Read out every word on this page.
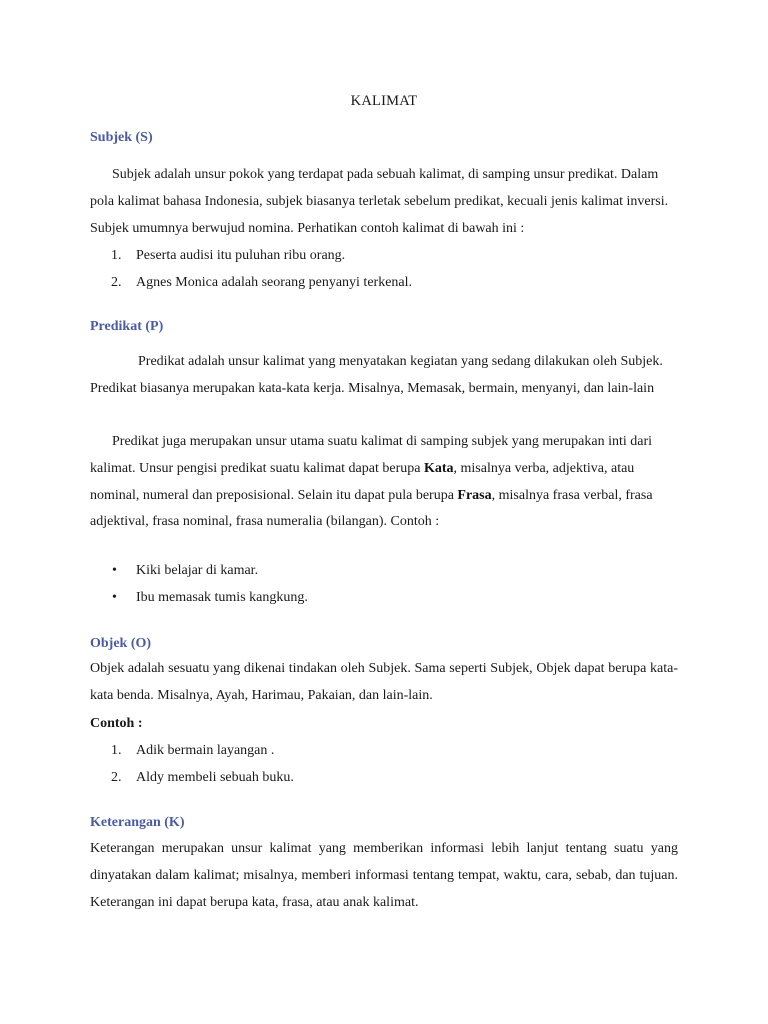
KALIMAT
Subjek (S)

Subjek adalah unsur pokok yang terdapat pada sebuah kalimat, di samping unsur predikat. Dalam pola kalimat bahasa Indonesia, subjek biasanya terletak sebelum predikat, kecuali jenis kalimat inversi. Subjek umumnya berwujud nomina. Perhatikan contoh kalimat di bawah ini :

1. Peserta audisi itu puluhan ribu orang.
2. Agnes Monica adalah seorang penyanyi terkenal.
Predikat (P)

Predikat adalah unsur kalimat yang menyatakan kegiatan yang sedang dilakukan oleh Subjek. Predikat biasanya merupakan kata-kata kerja. Misalnya, Memasak, bermain, menyanyi, dan lain-lain

Predikat juga merupakan unsur utama suatu kalimat di samping subjek yang merupakan inti dari kalimat. Unsur pengisi predikat suatu kalimat dapat berupa Kata, misalnya verba, adjektiva, atau nominal, numeral dan preposisional. Selain itu dapat pula berupa Frasa, misalnya frasa verbal, frasa adjektival, frasa nominal, frasa numeralia (bilangan). Contoh :

• Kiki belajar di kamar.
• Ibu memasak tumis kangkung.
Objek (O)

Objek adalah sesuatu yang dikenai tindakan oleh Subjek. Sama seperti Subjek, Objek dapat berupa kata-kata benda. Misalnya, Ayah, Harimau, Pakaian, dan lain-lain.

Contoh :
1. Adik bermain layangan .
2. Aldy membeli sebuah buku.
Keterangan (K)

Keterangan merupakan unsur kalimat yang memberikan informasi lebih lanjut tentang suatu yang dinyatakan dalam kalimat; misalnya, memberi informasi tentang tempat, waktu, cara, sebab, dan tujuan. Keterangan ini dapat berupa kata, frasa, atau anak kalimat.
